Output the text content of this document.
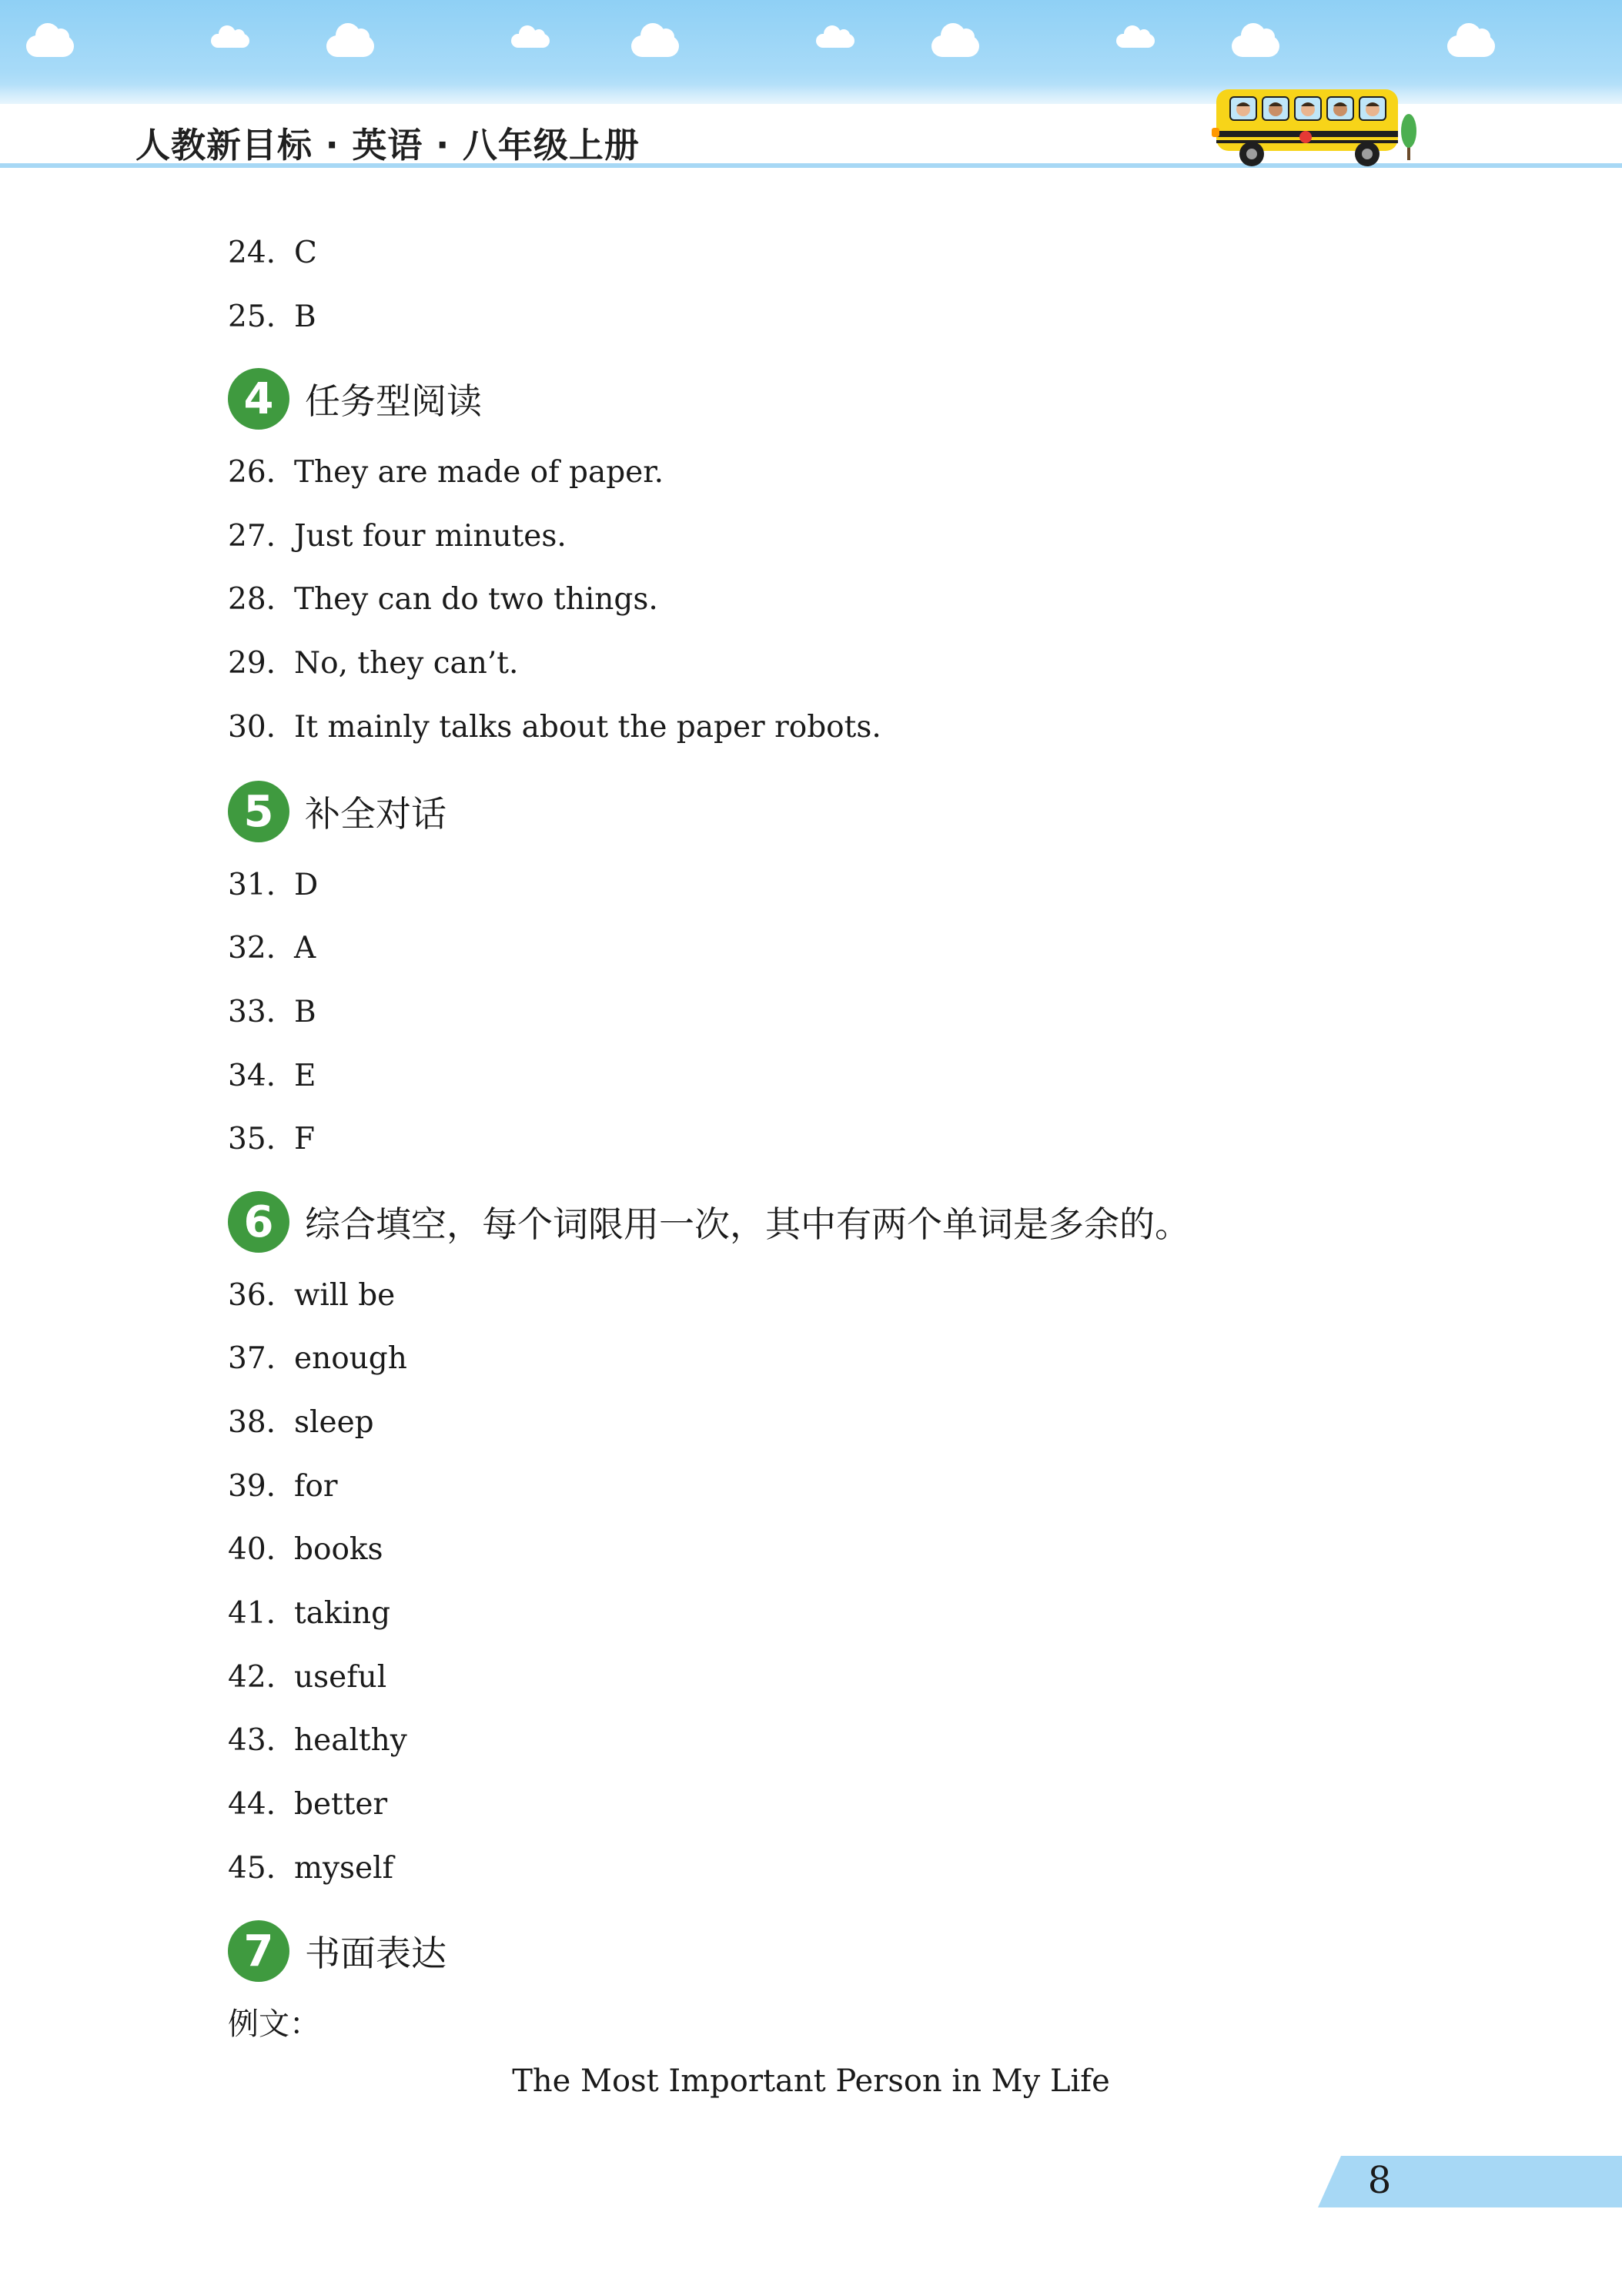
人教新目标 · 英语 · 八年级上册
24. C
25. B
4 任务型阅读
26. They are made of paper.
27. Just four minutes.
28. They can do two things.
29. No, they can’t.
30. It mainly talks about the paper robots.
5 补全对话
31. D
32. A
33. B
34. E
35. F
6 综合填空，每个词限用一次，其中有两个单词是多余的。
36. will be
37. enough
38. sleep
39. for
40. books
41. taking
42. useful
43. healthy
44. better
45. myself
7 书面表达
例文：
The Most Important Person in My Life
8
